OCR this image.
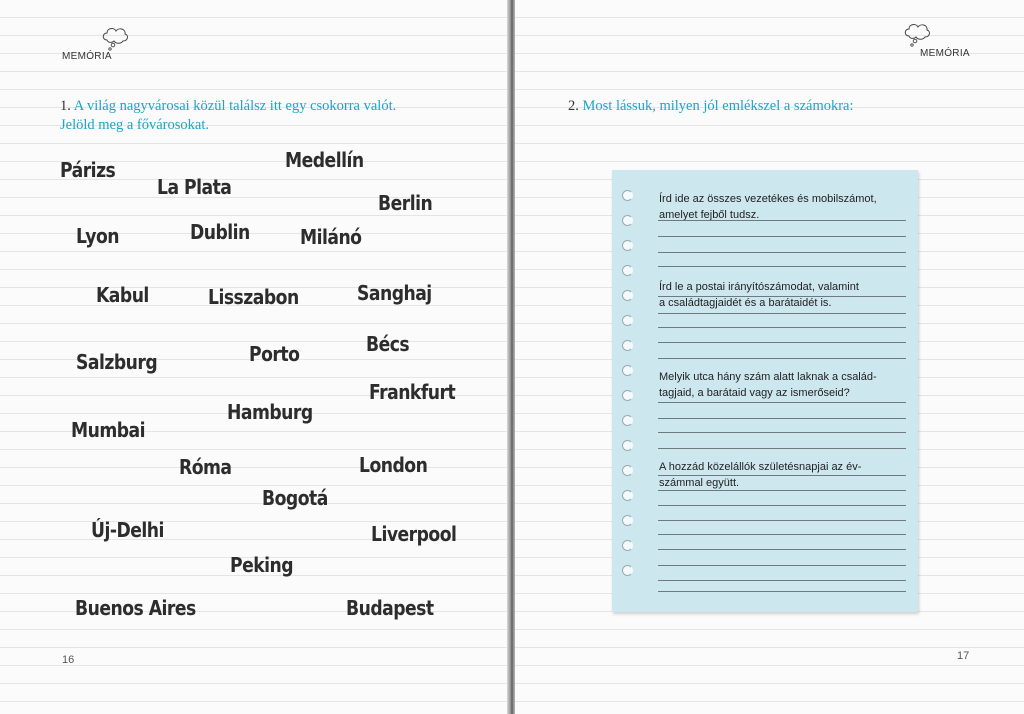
MEMÓRIA
1. A világ nagyvárosai közül találsz itt egy csokorra valót.
Jelöld meg a fővárosokat.
Párizs	Medellín
La Plata
Berlin
Lyon	Dublin	Milánó
Kabul	Lisszabon	Sanghaj
Bécs
Salzburg	Porto
Frankfurt
Hamburg
Mumbai
Róma	London
Bogotá
Új-Delhi	Liverpool
Peking
Buenos Aires	Budapest
16
MEMÓRIA
2. Most lássuk, milyen jól emlékszel a számokra:
17
Írd ide az összes vezetékes és mobilszámot,
amelyet fejből tudsz.
Írd le a postai irányítószámodat, valamint
a családtagjaidét és a barátaidét is.
Melyik utca hány szám alatt laknak a család-
tagjaid, a barátaid vagy az ismerőseid?
A hozzád közelállók születésnapjai az év-
számmal együtt.
